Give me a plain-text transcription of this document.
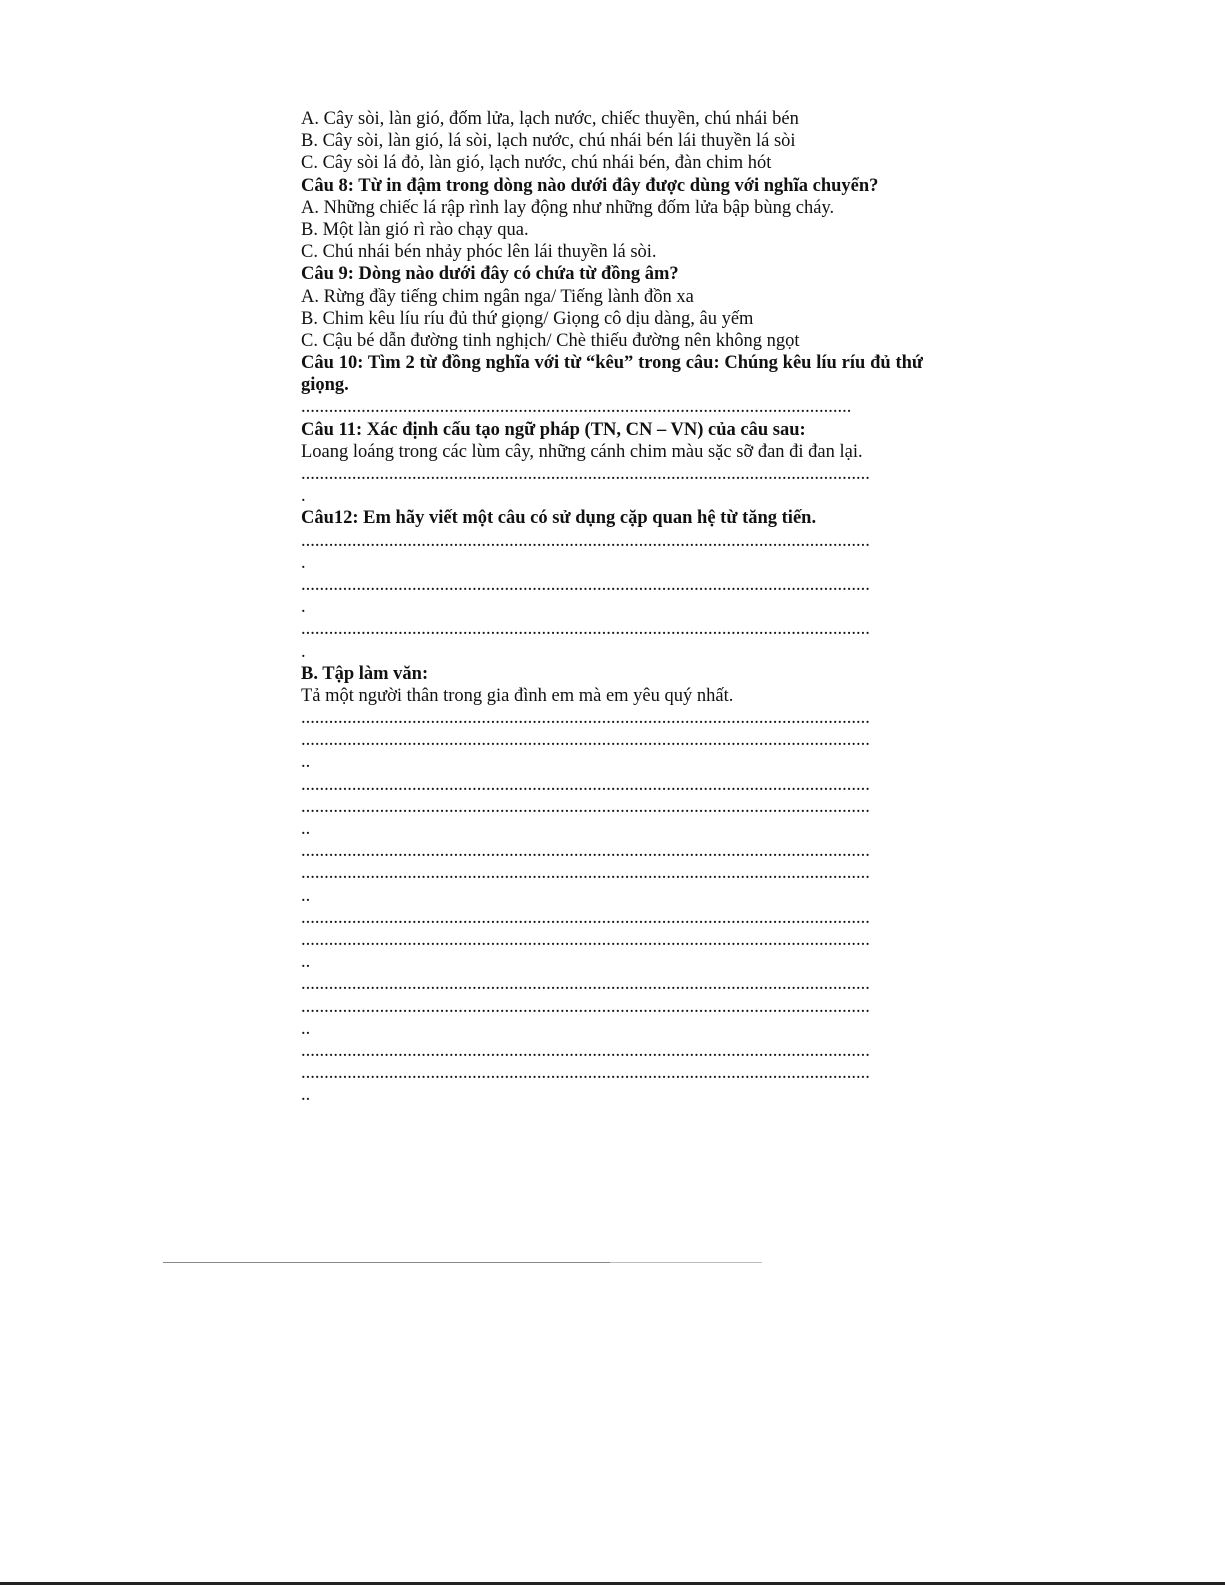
A. Cây sòi, làn gió, đốm lửa, lạch nước, chiếc thuyền, chú nhái bén
B. Cây sòi, làn gió, lá sòi, lạch nước, chú nhái bén lái thuyền lá sòi
C. Cây sòi lá đỏ, làn gió, lạch nước, chú nhái bén, đàn chim hót
Câu 8: Từ in đậm trong dòng nào dưới đây được dùng với nghĩa chuyển?
A. Những chiếc lá rập rình lay động như những đốm lửa bập bùng cháy.
B. Một làn gió rì rào chạy qua.
C. Chú nhái bén nhảy phóc lên lái thuyền lá sòi.
Câu 9: Dòng nào dưới đây có chứa từ đồng âm?
A. Rừng đầy tiếng chim ngân nga/ Tiếng lành đồn xa
B. Chim kêu líu ríu đủ thứ giọng/ Giọng cô dịu dàng, âu yếm
C. Cậu bé dẫn đường tinh nghịch/ Chè thiếu đường nên không ngọt
Câu 10: Tìm 2 từ đồng nghĩa với từ “kêu” trong câu: Chúng kêu líu ríu đủ thứ giọng.
.......................................................................................................................
Câu 11: Xác định cấu tạo ngữ pháp (TN, CN – VN) của câu sau:
Loang loáng trong các lùm cây, những cánh chim màu sặc sỡ đan đi đan lại.
...........................................................................................................................
.
Câu12: Em hãy viết một câu có sử dụng cặp quan hệ từ tăng tiến.
...........................................................................................................................
.
...........................................................................................................................
.
...........................................................................................................................
.
B. Tập làm văn:
Tả một người thân trong gia đình em mà em yêu quý nhất.
...........................................................................................................................
...........................................................................................................................
..
...........................................................................................................................
...........................................................................................................................
..
...........................................................................................................................
...........................................................................................................................
..
...........................................................................................................................
...........................................................................................................................
..
...........................................................................................................................
...........................................................................................................................
..
...........................................................................................................................
...........................................................................................................................
..
